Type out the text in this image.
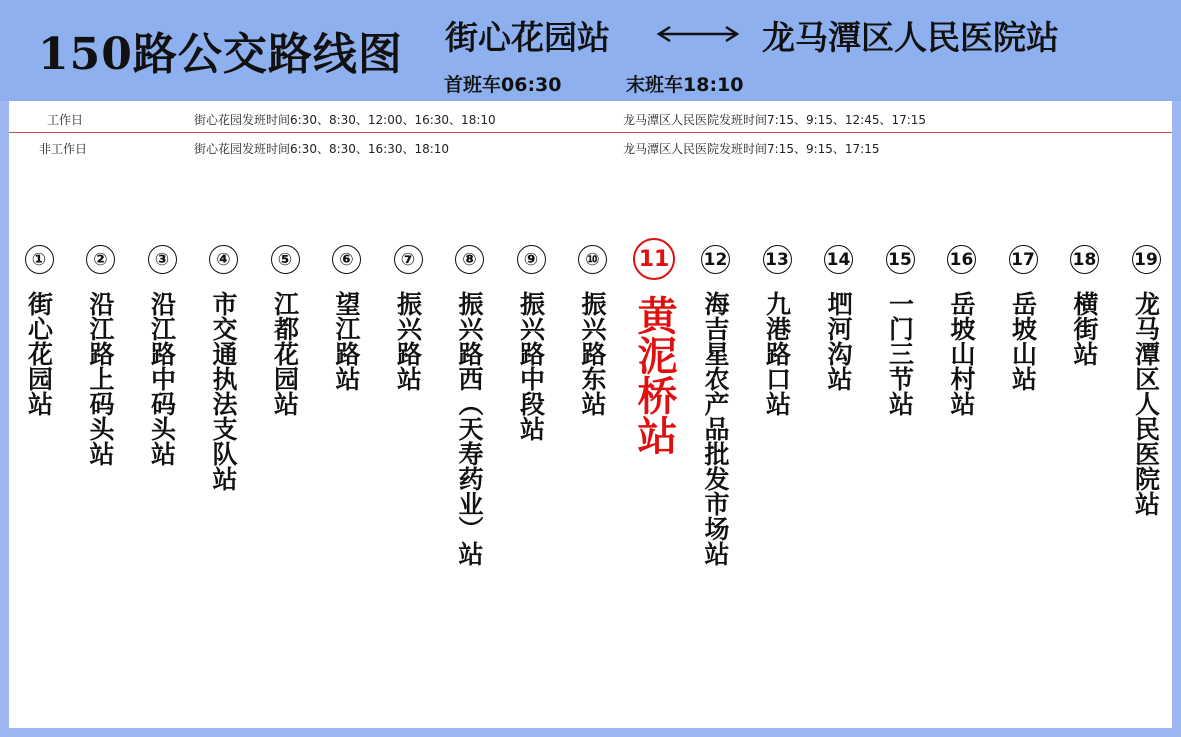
150路公交路线图 街心花园站	龙马潭区人民医院站
首班车06:30	末班车18:10
工作日	街心花园发班时间6:30、8:30、12:00、16:30、18:10	龙马潭区人民医院发班时间7:15、9:15、12:45、17:15
非工作日	街心花园发班时间6:30、8:30、16:30、18:10	龙马潭区人民医院发班时间7:15、9:15、17:15
①
街心花园站
②
沿江路上码头站
③
沿江路中码头站
④
市交通执法支队站
⑤
江都花园站
⑥
望江路站
⑦
振兴路站
⑧
振兴路西（天寿药业）站
⑨
振兴路中段站
⑩
振兴路东站
11
黄泥桥站
12
海吉星农产品批发市场站
13
九港路口站
14
垇河沟站
15
一门三节站
16
岳坡山村站
17
岳坡山站
18
横街站
19
龙马潭区人民医院站
